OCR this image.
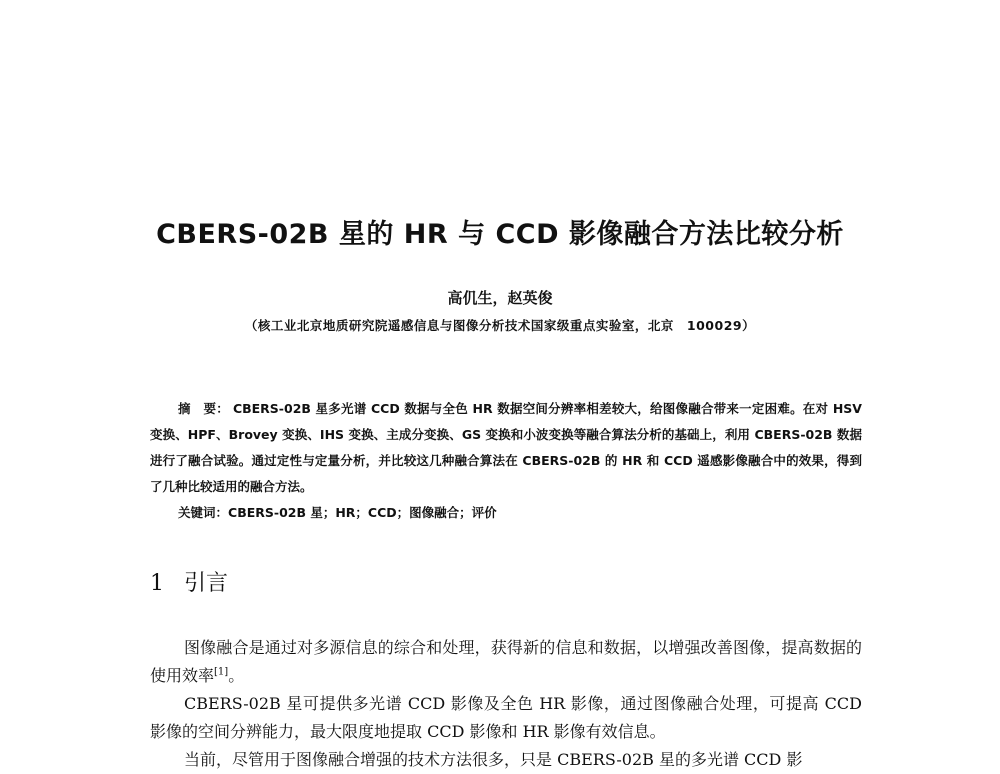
CBERS-02B 星的 HR 与 CCD 影像融合方法比较分析
高仉生，赵英俊
（核工业北京地质研究院遥感信息与图像分析技术国家级重点实验室，北京　100029）

摘　要： CBERS-02B 星多光谱 CCD 数据与全色 HR 数据空间分辨率相差较大，给图像融合带来一定困难。在对 HSV 变换、HPF、Brovey 变换、IHS 变换、主成分变换、GS 变换和小波变换等融合算法分析的基础上，利用 CBERS-02B 数据进行了融合试验。通过定性与定量分析，并比较这几种融合算法在 CBERS-02B 的 HR 和 CCD 遥感影像融合中的效果，得到了几种比较适用的融合方法。

关键词：CBERS-02B 星；HR；CCD；图像融合；评价

1 引言

图像融合是通过对多源信息的综合和处理，获得新的信息和数据，以增强改善图像，提高数据的使用效率[1]。

CBERS-02B 星可提供多光谱 CCD 影像及全色 HR 影像，通过图像融合处理，可提高 CCD 影像的空间分辨能力，最大限度地提取 CCD 影像和 HR 影像有效信息。

当前，尽管用于图像融合增强的技术方法很多，只是 CBERS-02B 星的多光谱 CCD 影
